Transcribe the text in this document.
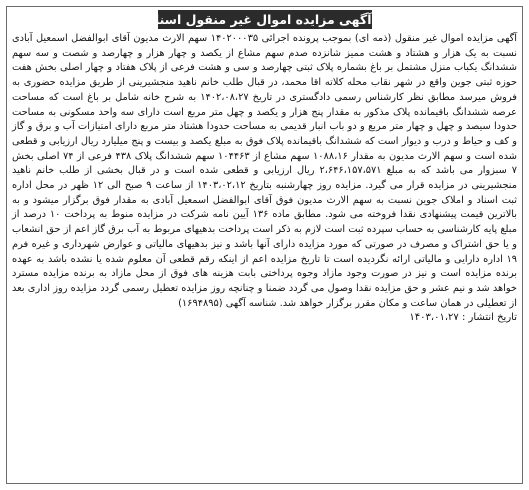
آگهی مزایده اموال غیر منقول اسناد (ذمه)

آگهی مزایده اموال غیر منقول (ذمه ای) بموجب پرونده اجرائی ۱۴۰۲۰۰۰۳۵ سهم الارث مدیون آقای ابوالفضل اسمعیل آبادی نسبت به یک هزار و هشتاد و هشت ممیز شانزده صدم سهم مشاع از یکصد و چهار هزار و چهارصد و شصت و سه سهم ششدانگ یکباب منزل مشتمل بر باغ بشماره پلاک ثبتی چهارصد و سی و هشت فرعی از پلاک هفتاد و چهار اصلی بخش هفت حوزه ثبتی جوین واقع در شهر نقاب محله کلاته اقا محمد، در قبال طلب خانم ناهید منجشیرینی از طریق مزایده حضوری به فروش میرسد مطابق نظر کارشناس رسمی دادگستری در تاریخ ۱۴۰۲،۰۸،۲۷ به شرح خانه شامل بر باغ است که مساحت عرصه ششدانگ باقیمانده پلاک مذکور به مقدار پنج هزار و یکصد و چهل متر مربع است دارای سه واحد مسکونی به مساحت حدودا سیصد و چهل و چهار متر مربع و دو باب انبار قدیمی به مساحت حدودا هشتاد متر مربع دارای امتیازات آب و برق و گاز و کف و حیاط و درب و دیوار است که ششدانگ باقیمانده پلاک فوق به مبلغ یکصد و بیست و پنج میلیارد ریال ارزیابی و قطعی شده است و سهم الارث مدیون به مقدار ۱۰۸۸،۱۶ سهم مشاع از ۱۰۴۴۶۳ سهم ششدانگ پلاک ۴۳۸ فرعی از ۷۴ اصلی بخش ۷ سبزوار می باشد که به مبلغ ۲،۶۴۶،۱۵۷،۵۷۱ ریال ارزیابی و قطعی شده است و در قبال بخشی از طلب خانم ناهید منجشیرینی در مزایده قرار می گیرد. مزایده روز چهارشنبه بتاریخ ۱۴۰۳،۰۲،۱۲ از ساعت ۹ صبح الی ۱۲ ظهر در محل اداره ثبت اسناد و املاک جوین نسبت به سهم الارث مدیون فوق آقای ابوالفضل اسمعیل آبادی به مقدار فوق برگزار میشود و به بالاترین قیمت پیشنهادی نقدا فروخته می شود. مطابق ماده ۱۳۶ آیین نامه شرکت در مزایده منوط به پرداخت ۱۰ درصد از مبلغ پایه کارشناسی به حساب سپرده ثبت است لازم به ذکر است پرداخت بدهیهای مربوط به آب برق گاز اعم از حق انشعاب و یا حق اشتراک و مصرف در صورتی که مورد مزایده دارای آنها باشد و نیز بدهیهای مالیاتی و عوارض شهرداری و غیره فرم ۱۹ اداره دارایی و مالیاتی ارائه نگردیده است تا تاریخ مزایده اعم از اینکه رقم قطعی آن معلوم شده یا نشده باشد به عهده برنده مزایده است و نیز در صورت وجود مازاد وجوه پرداختی بابت هزینه های فوق از محل مازاد به برنده مزایده مسترد خواهد شد و نیم عشر و حق مزایده نقدا وصول می گردد ضمنا و چنانچه روز مزایده تعطیل رسمی گردد مزایده روز اداری بعد از تعطیلی در همان ساعت و مکان مقرر برگزار خواهد شد. شناسه آگهی (۱۶۹۴۸۹۵)

تاریخ انتشار : ۱۴۰۳،۰۱،۲۷
